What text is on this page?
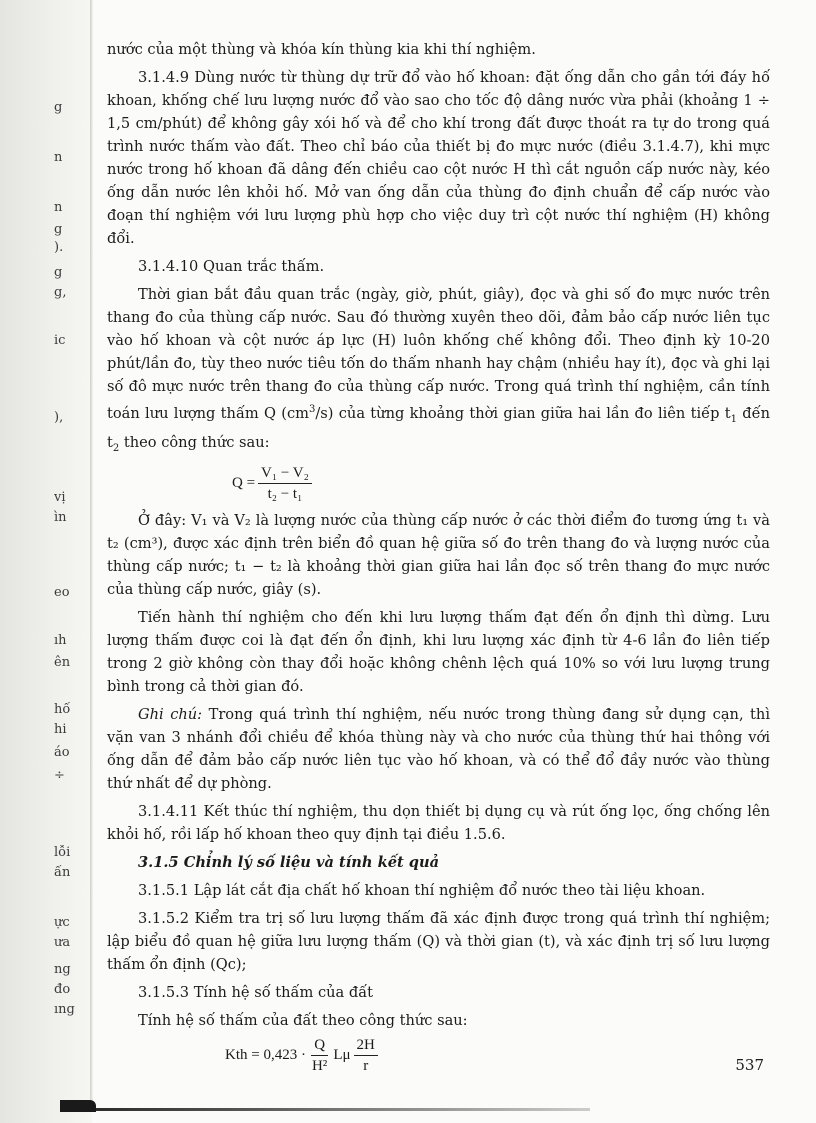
g
n
n
g
).
g
g,
ic
),
vị
ìn
eo
ıh
ên
hố
hi
áo
÷
lỗi
ấn
ực
ưa
ng
đo
ıng

nước của một thùng và khóa kín thùng kia khi thí nghiệm.

3.1.4.9 Dùng nước từ thùng dự trữ đổ vào hố khoan: đặt ống dẫn cho gần tới đáy hố khoan, khống chế lưu lượng nước đổ vào sao cho tốc độ dâng nước vừa phải (khoảng 1 ÷ 1,5 cm/phút) để không gây xói hố và để cho khí trong đất được thoát ra tự do trong quá trình nước thấm vào đất. Theo chỉ báo của thiết bị đo mực nước (điều 3.1.4.7), khi mực nước trong hố khoan đã dâng đến chiều cao cột nước H thì cắt nguồn cấp nước này, kéo ống dẫn nước lên khỏi hố. Mở van ống dẫn của thùng đo định chuẩn để cấp nước vào đoạn thí nghiệm với lưu lượng phù hợp cho việc duy trì cột nước thí nghiệm (H) không đổi.

3.1.4.10 Quan trắc thấm.

Thời gian bắt đầu quan trắc (ngày, giờ, phút, giây), đọc và ghi số đo mực nước trên thang đo của thùng cấp nước. Sau đó thường xuyên theo dõi, đảm bảo cấp nước liên tục vào hố khoan và cột nước áp lực (H) luôn khống chế không đổi. Theo định kỳ 10-20 phút/lần đo, tùy theo nước tiêu tốn do thấm nhanh hay chậm (nhiều hay ít), đọc và ghi lại số đô mực nước trên thang đo của thùng cấp nước. Trong quá trình thí nghiệm, cần tính toán lưu lượng thấm Q $(cm^3/s)$ của từng khoảng thời gian giữa hai lần đo liên tiếp $t_1$ đến $t_2$ theo công thức sau:

$Q = \frac{\text{V₁ − V₂}}{\text{t₂ − t₁}}$

Ở đây: V₁ và V₂ là lượng nước của thùng cấp nước ở các thời điểm đo tương ứng t₁ và t₂ (cm³), được xác định trên biển đồ quan hệ giữa số đo trên thang đo và lượng nước của thùng cấp nước; t₁ − t₂ là khoảng thời gian giữa hai lần đọc số trên thang đo mực nước của thùng cấp nước, giây (s).

Tiến hành thí nghiệm cho đến khi lưu lượng thấm đạt đến ổn định thì dừng. Lưu lượng thấm được coi là đạt đến ổn định, khi lưu lượng xác định từ 4-6 lần đo liên tiếp trong 2 giờ không còn thay đổi hoặc không chênh lệch quá 10% so với lưu lượng trung bình trong cả thời gian đó.

Ghi chú: Trong quá trình thí nghiệm, nếu nước trong thùng đang sử dụng cạn, thì vặn van 3 nhánh đổi chiều để khóa thùng này và cho nước của thùng thứ hai thông với ống dẫn để đảm bảo cấp nước liên tục vào hố khoan, và có thể đổ đầy nước vào thùng thứ nhất để dự phòng.

3.1.4.11 Kết thúc thí nghiệm, thu dọn thiết bị dụng cụ và rút ống lọc, ống chống lên khỏi hố, rồi lấp hố khoan theo quy định tại điều 1.5.6.

3.1.5 Chỉnh lý số liệu và tính kết quả

3.1.5.1 Lập lát cắt địa chất hố khoan thí nghiệm đổ nước theo tài liệu khoan.

3.1.5.2 Kiểm tra trị số lưu lượng thấm đã xác định được trong quá trình thí nghiệm; lập biểu đồ quan hệ giữa lưu lượng thấm (Q) và thời gian (t), và xác định trị số lưu lượng thấm ổn định (Qc);

3.1.5.3 Tính hệ số thấm của đất

Tính hệ số thấm của đất theo công thức sau:

Kth = $0,423 \cdot \frac{Q}{\text{H²}}$ Lμ $\frac{2H}{r}$	537
